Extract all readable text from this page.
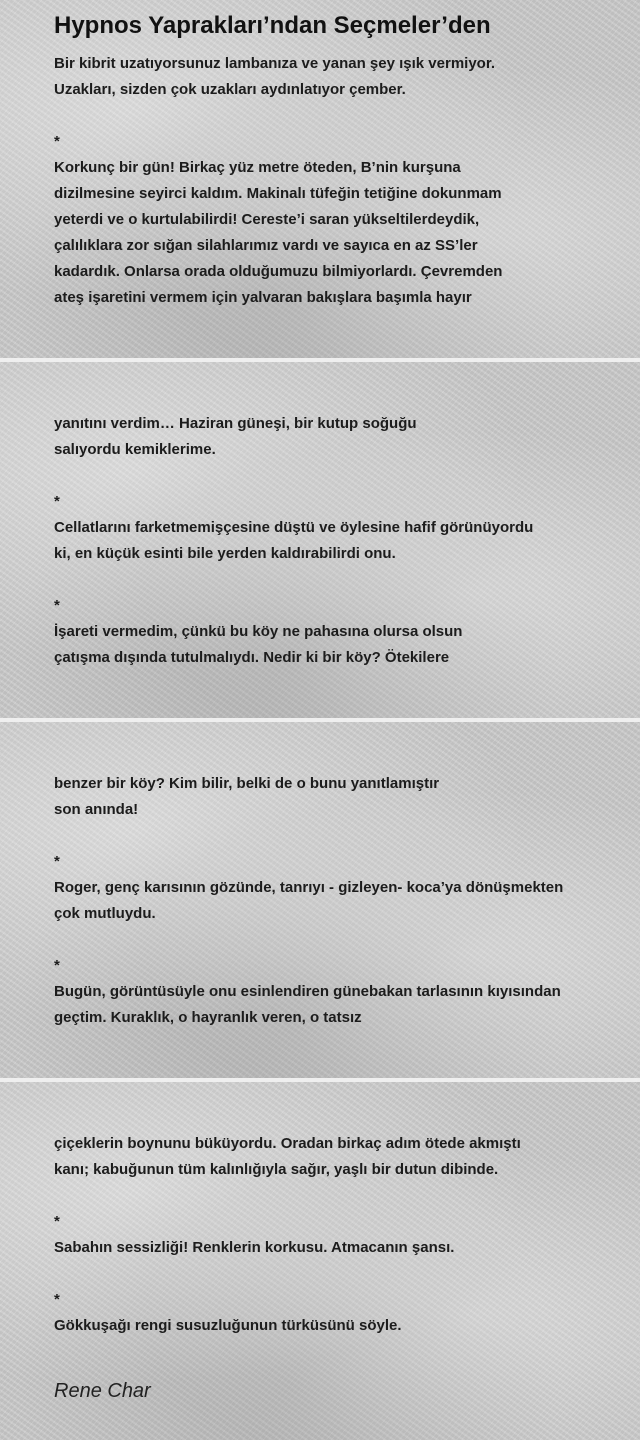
Hypnos Yaprakları’ndan Seçmeler’den

Bir kibrit uzatıyorsunuz lambanıza ve yanan şey ışık vermiyor.

Uzakları, sizden çok uzakları aydınlatıyor çember.

*

Korkunç bir gün! Birkaç yüz metre öteden, B’nin kurşuna

dizilmesine seyirci kaldım. Makinalı tüfeğin tetiğine dokunmam

yeterdi ve o kurtulabilirdi! Cereste’i saran yükseltilerdeydik,

çalılıklara zor sığan silahlarımız vardı ve sayıca en az SS’ler

kadardık. Onlarsa orada olduğumuzu bilmiyorlardı. Çevremden

ateş işaretini vermem için yalvaran bakışlara başımla hayır

yanıtını verdim… Haziran güneşi, bir kutup soğuğu

salıyordu kemiklerime.

*

Cellatlarını farketmemişçesine düştü ve öylesine hafif görünüyordu

ki, en küçük esinti bile yerden kaldırabilirdi onu.

*

İşareti vermedim, çünkü bu köy ne pahasına olursa olsun

çatışma dışında tutulmalıydı. Nedir ki bir köy? Ötekilere

benzer bir köy? Kim bilir, belki de o bunu yanıtlamıştır

son anında!

*

Roger, genç karısının gözünde, tanrıyı - gizleyen- koca’ya dönüşmekten

çok mutluydu.

*

Bugün, görüntüsüyle onu esinlendiren günebakan tarlasının kıyısından

geçtim. Kuraklık, o hayranlık veren, o tatsız

çiçeklerin boynunu büküyordu. Oradan birkaç adım ötede akmıştı

kanı; kabuğunun tüm kalınlığıyla sağır, yaşlı bir dutun dibinde.

*

Sabahın sessizliği! Renklerin korkusu. Atmacanın şansı.

*

Gökkuşağı rengi susuzluğunun türküsünü söyle.

Rene Char
